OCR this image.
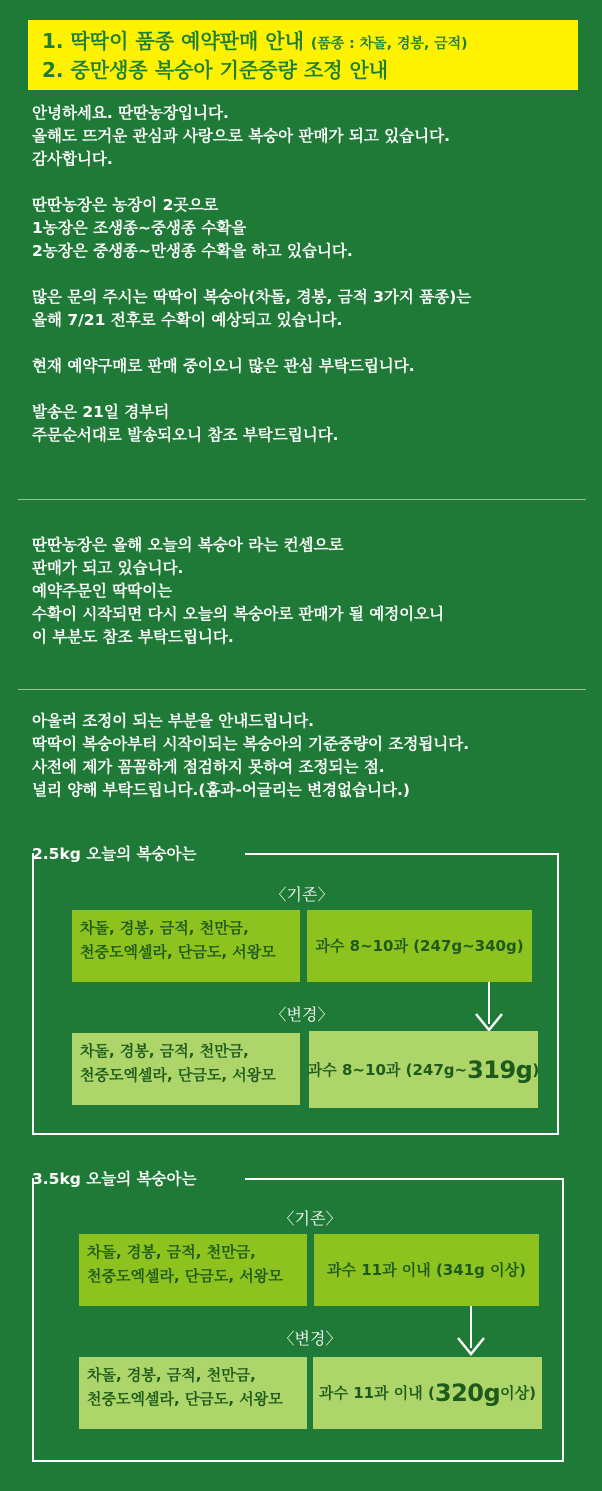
1. 딱딱이 품종 예약판매 안내 (품종 : 차돌, 경봉, 금적)
2. 중만생종 복숭아 기준중량 조정 안내

안녕하세요. 딴딴농장입니다.

올해도 뜨거운 관심과 사랑으로 복숭아 판매가 되고 있습니다.

감사합니다.

딴딴농장은 농장이 2곳으로

1농장은 조생종~중생종 수확을

2농장은 중생종~만생종 수확을 하고 있습니다.

많은 문의 주시는 딱딱이 복숭아(차돌, 경봉, 금적 3가지 품종)는

올해 7/21 전후로 수확이 예상되고 있습니다.

현재 예약구매로 판매 중이오니 많은 관심 부탁드립니다.

발송은 21일 경부터

주문순서대로 발송되오니 참조 부탁드립니다.

딴딴농장은 올해 오늘의 복숭아 라는 컨셉으로

판매가 되고 있습니다.

예약주문인 딱딱이는

수확이 시작되면 다시 오늘의 복숭아로 판매가 될 예정이오니

이 부분도 참조 부탁드립니다.

아울러 조정이 되는 부분을 안내드립니다.

딱딱이 복숭아부터 시작이되는 복숭아의 기준중량이 조정됩니다.

사전에 제가 꼼꼼하게 점검하지 못하여 조정되는 점.

널리 양해 부탁드립니다.(홈과-어글리는 변경없습니다.)

2.5kg 오늘의 복숭아는
〈기존〉

차돌, 경봉, 금적, 천만금,

천중도엑셀라, 단금도, 서왕모	과수 8~10과 (247g~340g)
〈변경〉

차돌, 경봉, 금적, 천만금,

천중도엑셀라, 단금도, 서왕모	과수 8~10과 (247g~ 319g )
3.5kg 오늘의 복숭아는
〈기존〉

차돌, 경봉, 금적, 천만금,

천중도엑셀라, 단금도, 서왕모	과수 11과 이내 (341g 이상)
〈변경〉

차돌, 경봉, 금적, 천만금,

천중도엑셀라, 단금도, 서왕모	과수 11과 이내 ( 320g 이상)
